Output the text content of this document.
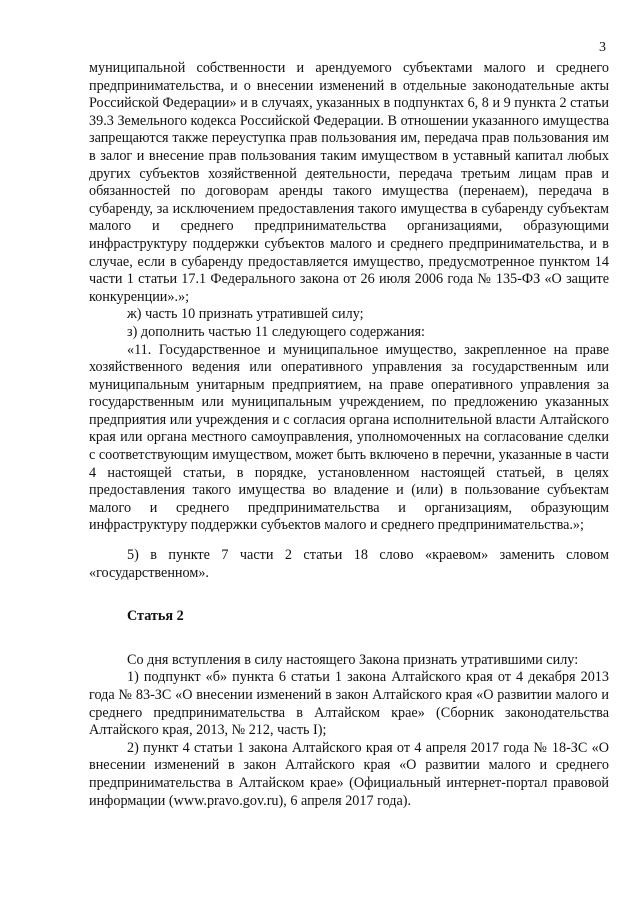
3

муниципальной собственности и арендуемого субъектами малого и среднего предпринимательства, и о внесении изменений в отдельные законодательные акты Российской Федерации» и в случаях, указанных в подпунктах 6, 8 и 9 пункта 2 статьи 39.3 Земельного кодекса Российской Федерации. В отношении указанного имущества запрещаются также переуступка прав пользования им, передача прав пользования им в залог и внесение прав пользования таким имуществом в уставный капитал любых других субъектов хозяйственной деятельности, передача третьим лицам прав и обязанностей по договорам аренды такого имущества (перенаем), передача в субаренду, за исключением предоставления такого имущества в субаренду субъектам малого и среднего предпринимательства организациями, образующими инфраструктуру поддержки субъектов малого и среднего предпринимательства, и в случае, если в субаренду предоставляется имущество, предусмотренное пунктом 14 части 1 статьи 17.1 Федерального закона от 26 июля 2006 года № 135-ФЗ «О защите конкуренции».»;

ж) часть 10 признать утратившей силу;

з) дополнить частью 11 следующего содержания:

«11. Государственное и муниципальное имущество, закрепленное на праве хозяйственного ведения или оперативного управления за государственным или муниципальным унитарным предприятием, на праве оперативного управления за государственным или муниципальным учреждением, по предложению указанных предприятия или учреждения и с согласия органа исполнительной власти Алтайского края или органа местного самоуправления, уполномоченных на согласование сделки с соответствующим имуществом, может быть включено в перечни, указанные в части 4 настоящей статьи, в порядке, установленном настоящей статьей, в целях предоставления такого имущества во владение и (или) в пользование субъектам малого и среднего предпринимательства и организациям, образующим инфраструктуру поддержки субъектов малого и среднего предпринимательства.»;

5) в пункте 7 части 2 статьи 18 слово «краевом» заменить словом «государственном».

Статья 2

Со дня вступления в силу настоящего Закона признать утратившими силу:

1) подпункт «б» пункта 6 статьи 1 закона Алтайского края от 4 декабря 2013 года № 83-ЗС «О внесении изменений в закон Алтайского края «О развитии малого и среднего предпринимательства в Алтайском крае» (Сборник законодательства Алтайского края, 2013, № 212, часть I);

2) пункт 4 статьи 1 закона Алтайского края от 4 апреля 2017 года № 18-ЗС «О внесении изменений в закон Алтайского края «О развитии малого и среднего предпринимательства в Алтайском крае» (Официальный интернет-портал правовой информации (www.pravo.gov.ru), 6 апреля 2017 года).
